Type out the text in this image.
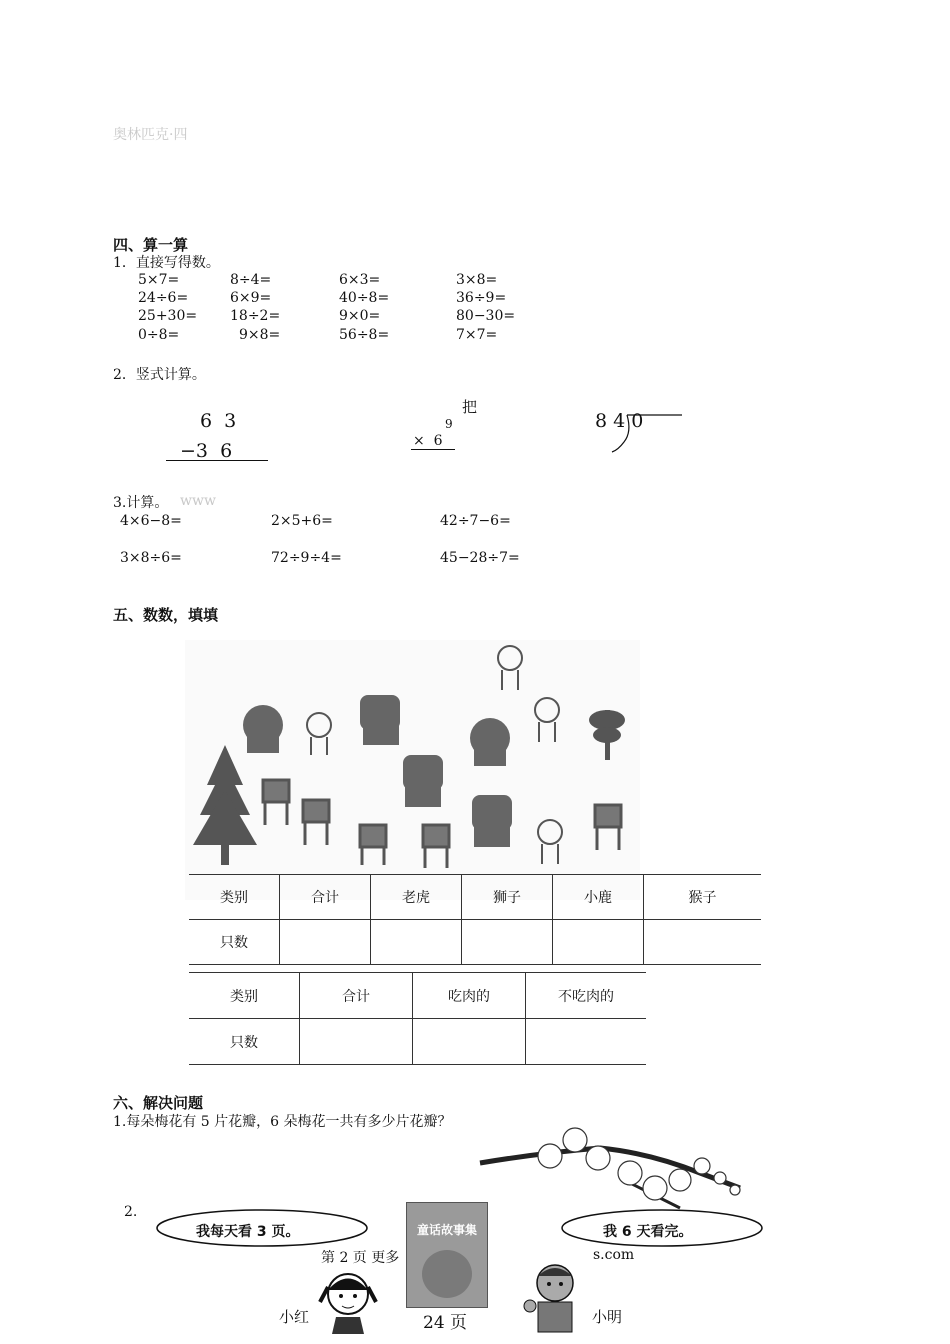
奥林匹克·四
四、算一算
1．直接写得数。
5×7=	8÷4=	6×3=	3×8=
24÷6=	6×9=	40÷8=	36÷9=
25+30= 18÷2=	9×0=	80−30=
0÷8=	9×8=	56÷8=	7×7=
2．竖式计算。
6  3
−3  6
把
9
×  6
8 4 0
3.计算。 www
4×6−8=	2×5+6=	42÷7−6=
3×8÷6=	72÷9÷4=	45−28÷7=
五、数数，填填
类别	合计	老虎	狮子	小鹿	猴子
只数					
类别	合计	吃肉的	不吃肉的
只数			
六、解决问题
1.每朵梅花有 5 片花瓣，6 朵梅花一共有多少片花瓣？
2.
我每天看 3 页。	我 6 天看完。
童话故事集
第 2 页 更多	s.com
小红	24 页	小明
